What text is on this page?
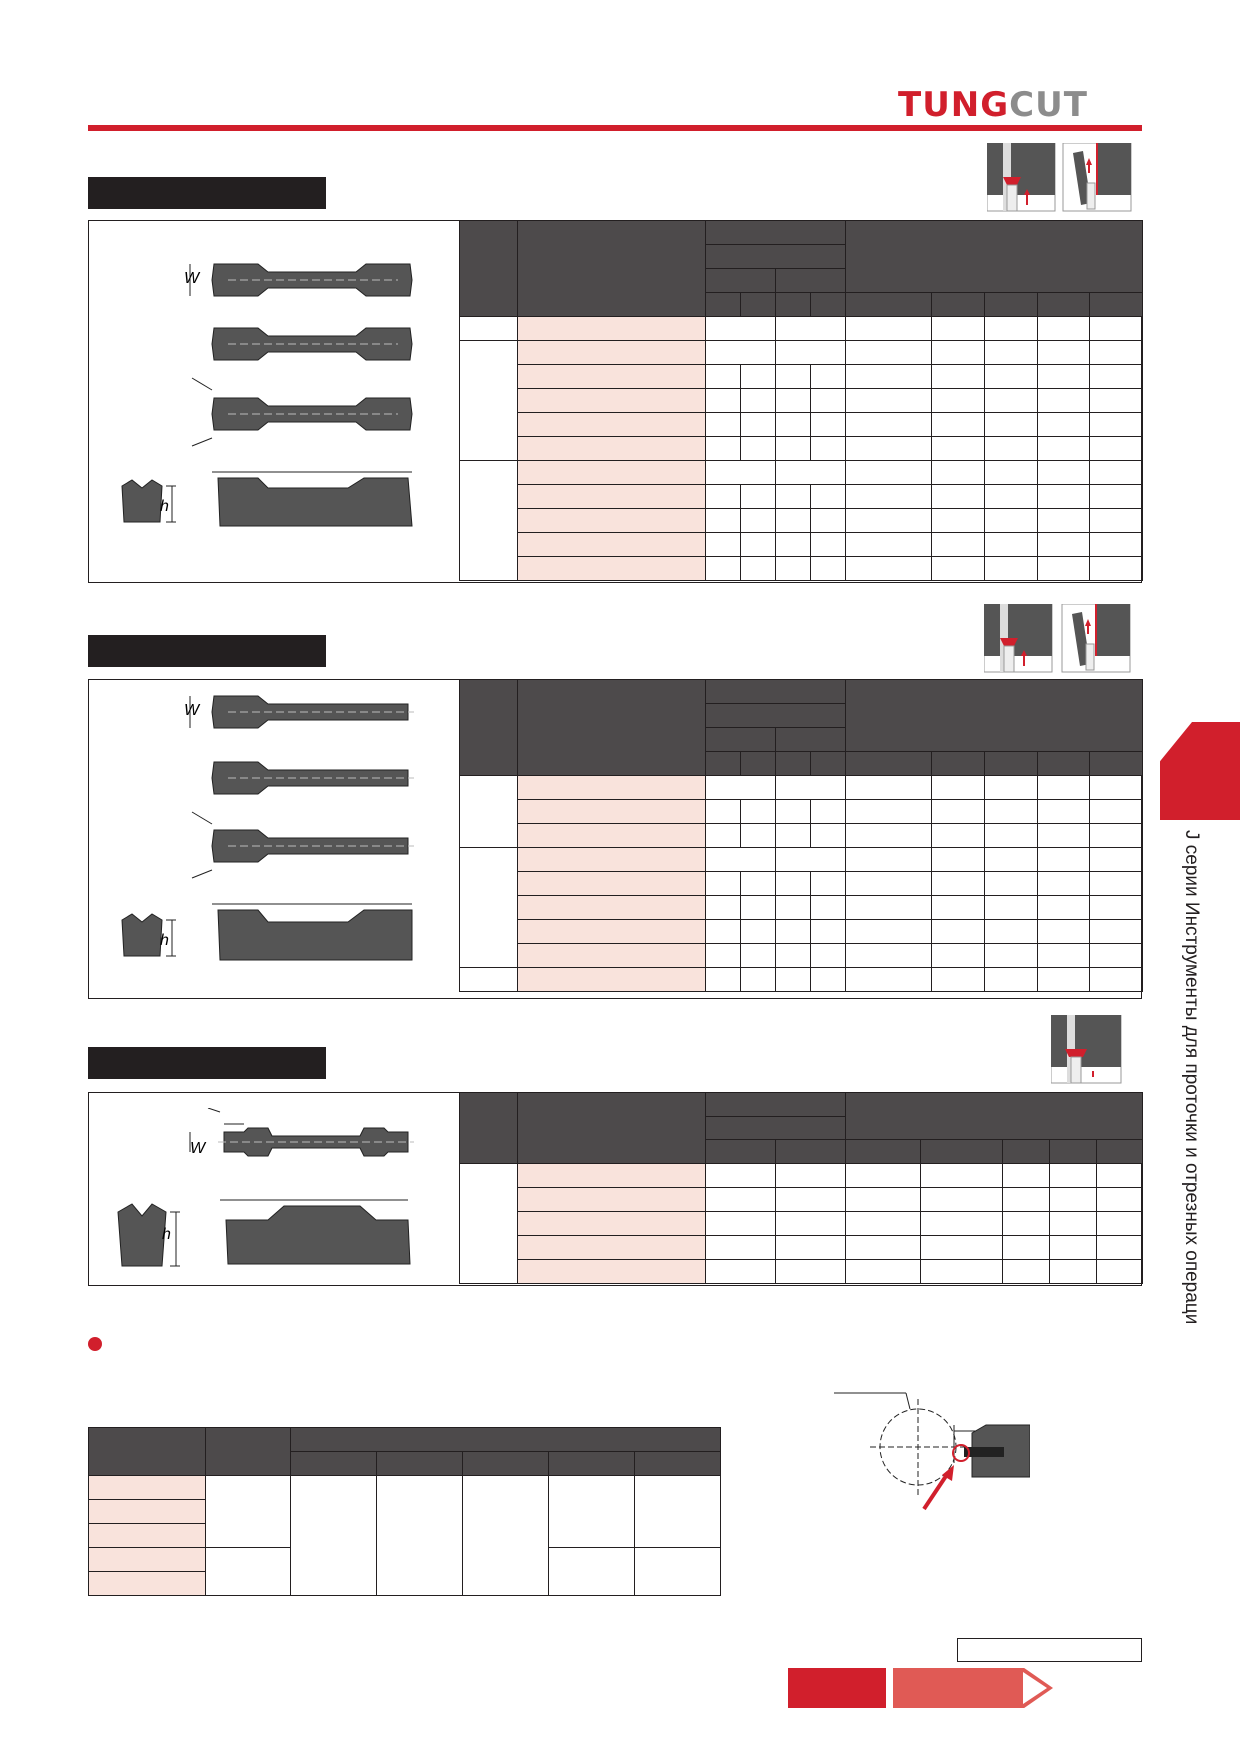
TUNGCUT
W
h

W
h

W
h

				J серии Инструменты для проточки и отрезных операци
